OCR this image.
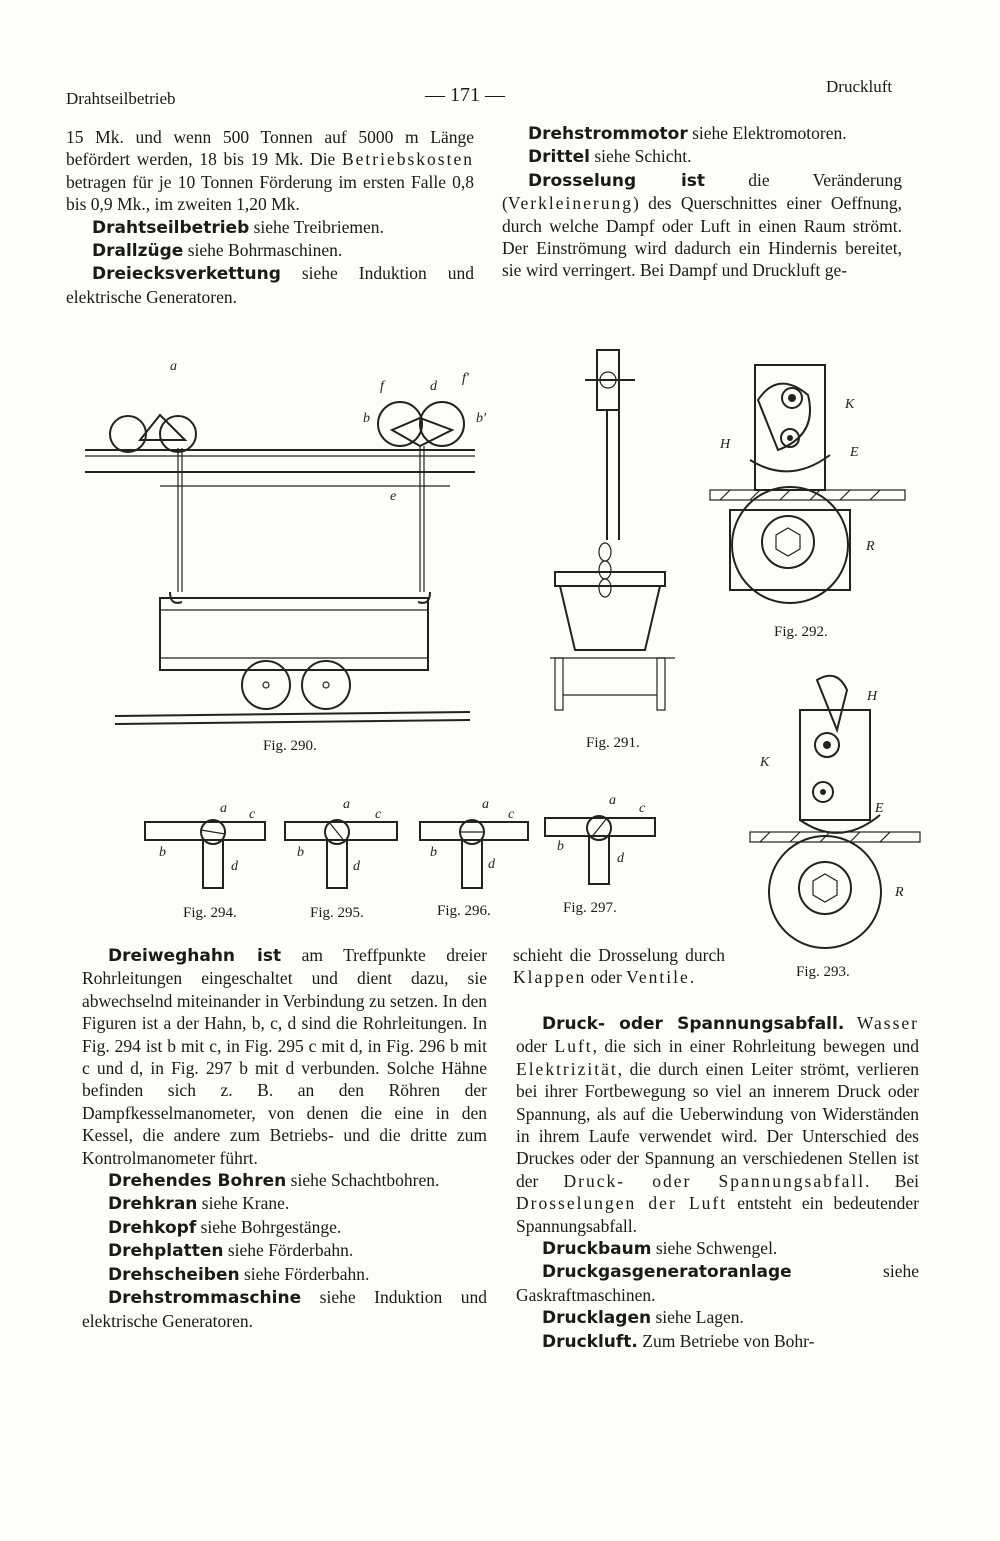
Drahtseilbetrieb	— 171 —	Druckluft

15 Mk. und wenn 500 Tonnen auf 5000 m Länge befördert werden, 18 bis 19 Mk. Die Betriebskosten betragen für je 10 Tonnen Förderung im ersten Falle 0,8 bis 0,9 Mk., im zweiten 1,20 Mk.

Drahtseilbetrieb siehe Treibriemen.

Drallzüge siehe Bohrmaschinen.

Dreiecksverkettung siehe Induktion und elektrische Generatoren.

Drehstrommotor siehe Elektromotoren.

Drittel siehe Schicht.

Drosselung ist die Veränderung (Verkleinerung) des Querschnittes einer Oeffnung, durch welche Dampf oder Luft in einen Raum strömt. Der Einströmung wird dadurch ein Hindernis bereitet, sie wird verringert. Bei Dampf und Druckluft ge-

a
f	d
f'
b	b'
e
Fig. 290.	Fig. 291.
K
H
E
R
Fig. 292.
H
K
E
R
Fig. 293.
a c
b
d
Fig. 294.
a
c
b
d
Fig. 295.
a
c
b
d
Fig. 296.
a
c
b
d
Fig. 297.

Dreiweghahn ist am Treffpunkte dreier Rohrleitungen eingeschaltet und dient dazu, sie abwechselnd miteinander in Verbindung zu setzen. In den Figuren ist a der Hahn, b, c, d sind die Rohrleitungen. In Fig. 294 ist b mit c, in Fig. 295 c mit d, in Fig. 296 b mit c und d, in Fig. 297 b mit d verbunden. Solche Hähne befinden sich z. B. an den Röhren der Dampfkesselmanometer, von denen die eine in den Kessel, die andere zum Betriebs- und die dritte zum Kontrolmanometer führt.

Drehendes Bohren siehe Schachtbohren.

Drehkran siehe Krane.

Drehkopf siehe Bohrgestänge.

Drehplatten siehe Förderbahn.

Drehscheiben siehe Förderbahn.

Drehstrommaschine siehe Induktion und elektrische Generatoren.

schieht die Drosselung durch Klappen oder Ventile.

Druck- oder Spannungsabfall. Wasser oder Luft, die sich in einer Rohrleitung bewegen und Elektrizität, die durch einen Leiter strömt, verlieren bei ihrer Fortbewegung so viel an innerem Druck oder Spannung, als auf die Ueberwindung von Widerständen in ihrem Laufe verwendet wird. Der Unterschied des Druckes oder der Spannung an verschiedenen Stellen ist der Druck- oder Spannungsabfall. Bei Drosselungen der Luft entsteht ein bedeutender Spannungsabfall.

Druckbaum siehe Schwengel.

Druckgasgeneratoranlage	siehe Gaskraftmaschinen.

Drucklagen siehe Lagen.

Druckluft. Zum Betriebe von Bohr-
